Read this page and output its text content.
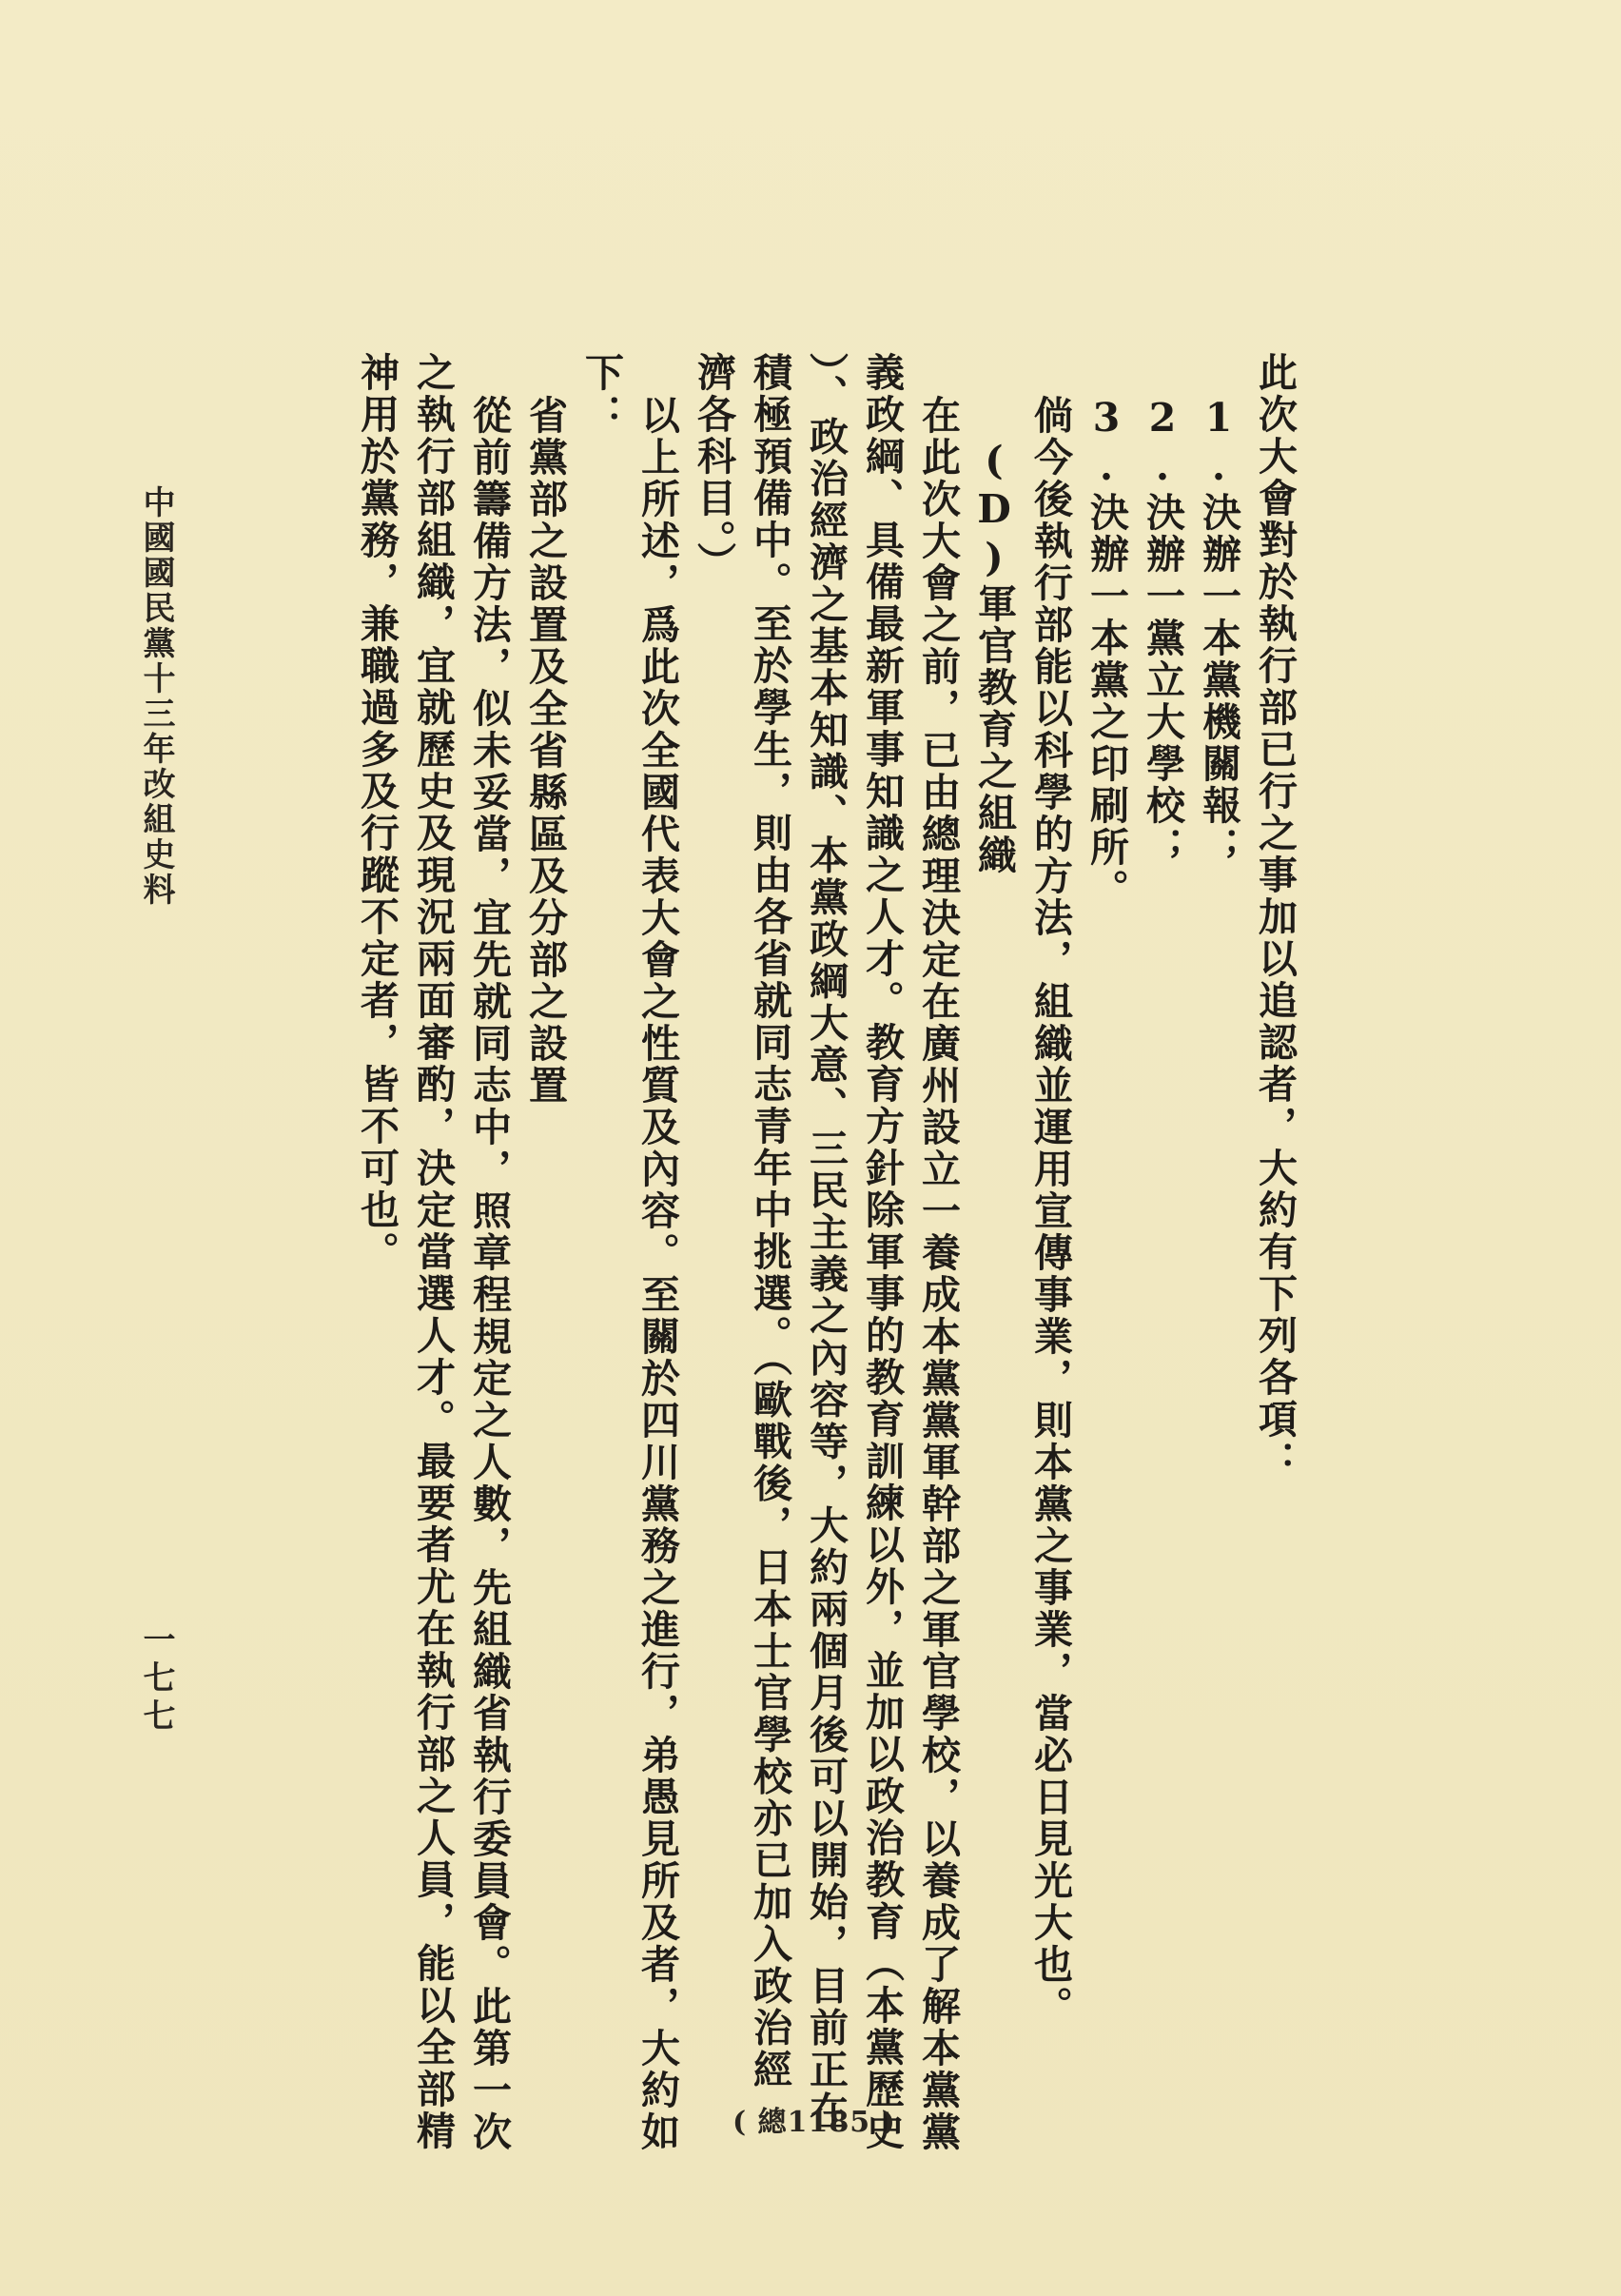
此次大會對於執行部已行之事加以追認者，大約有下列各項：

1.決辦一本黨機關報；

2.決辦一黨立大學校；

3.決辦一本黨之印刷所。

倘今後執行部能以科學的方法，組織並運用宣傳事業，則本黨之事業，當必日見光大也。

(D)軍官教育之組織

在此次大會之前，已由總理決定在廣州設立一養成本黨黨軍幹部之軍官學校，以養成了解本黨黨

義政綱、具備最新軍事知識之人才。教育方針除軍事的教育訓練以外，並加以政治教育（本黨歷史

）、政治經濟之基本知識、本黨政綱大意、三民主義之內容等，大約兩個月後可以開始，目前正在

積極預備中。至於學生，則由各省就同志青年中挑選。（歐戰後，日本士官學校亦已加入政治經

濟各科目。）

以上所述，爲此次全國代表大會之性質及內容。至關於四川黨務之進行，弟愚見所及者，大約如

下：

省黨部之設置及全省縣區及分部之設置

從前籌備方法，似未妥當，宜先就同志中，照章程規定之人數，先組織省執行委員會。此第一次

之執行部組織，宜就歷史及現況兩面審酌，決定當選人才。最要者尤在執行部之人員，能以全部精

神用於黨務，兼職過多及行蹤不定者，皆不可也。

中國國民黨十三年改組史料
一七七
( 總1185 )
